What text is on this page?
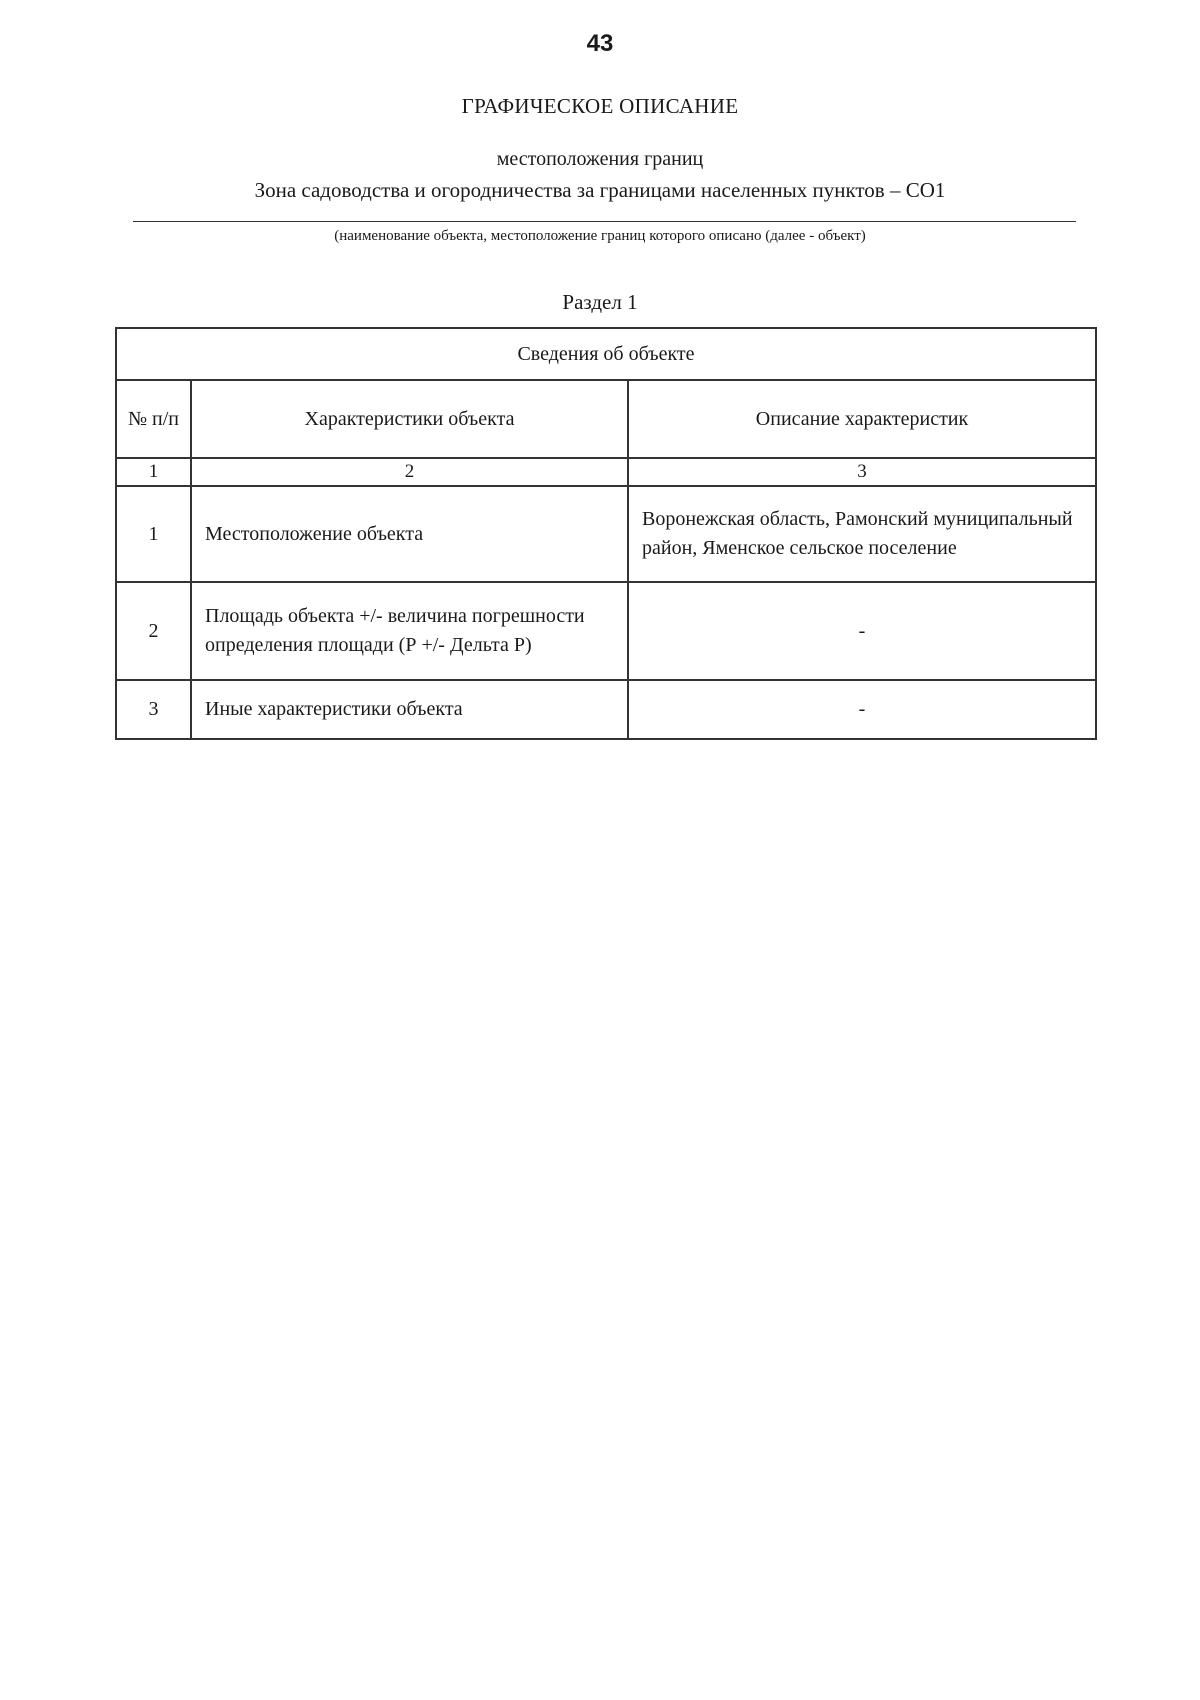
43
ГРАФИЧЕСКОЕ ОПИСАНИЕ
местоположения границ
Зона садоводства и огородничества за границами населенных пунктов – СО1
(наименование объекта, местоположение границ которого описано (далее - объект)
Раздел 1
Сведения об объекте		
№ п/п	Характеристики объекта	Описание характеристик
1	2	3
1	Местоположение объекта	Воронежская область, Рамонский муниципальный район, Яменское сельское поселение
2	Площадь объекта +/- величина погрешности определения площади (Р +/- Дельта Р)	-
3	Иные характеристики объекта	-
